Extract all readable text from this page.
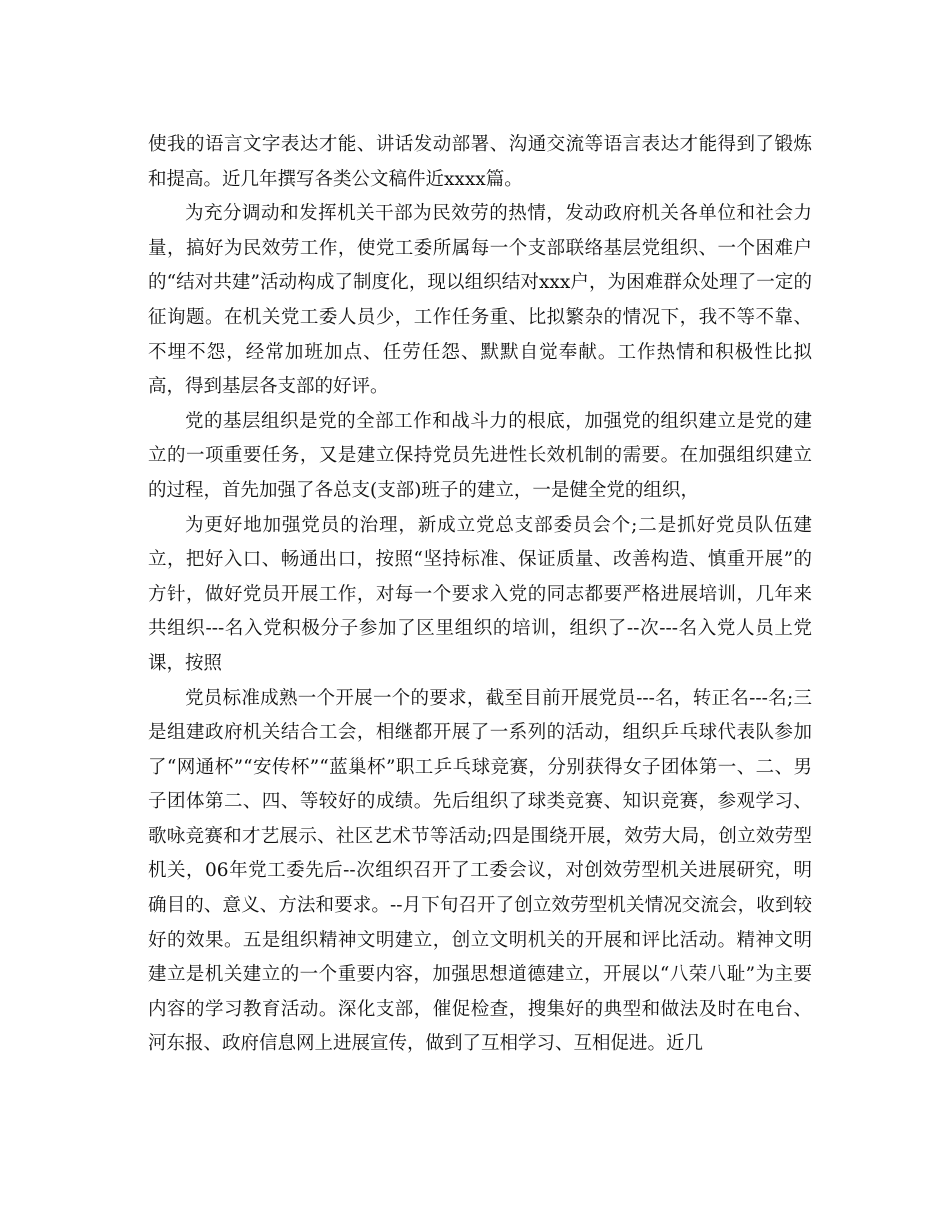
使我的语言文字表达才能、讲话发动部署、沟通交流等语言表达才能得到了锻炼和提高。近几年撰写各类公文稿件近xxxx篇。

为充分调动和发挥机关干部为民效劳的热情，发动政府机关各单位和社会力量，搞好为民效劳工作，使党工委所属每一个支部联络基层党组织、一个困难户的“结对共建”活动构成了制度化，现以组织结对xxx户，为困难群众处理了一定的征询题。在机关党工委人员少，工作任务重、比拟繁杂的情况下，我不等不靠、不埋不怨，经常加班加点、任劳任怨、默默自觉奉献。工作热情和积极性比拟高，得到基层各支部的好评。

党的基层组织是党的全部工作和战斗力的根底，加强党的组织建立是党的建立的一项重要任务，又是建立保持党员先进性长效机制的需要。在加强组织建立的过程，首先加强了各总支(支部)班子的建立，一是健全党的组织，

为更好地加强党员的治理，新成立党总支部委员会个;二是抓好党员队伍建立，把好入口、畅通出口，按照“坚持标准、保证质量、改善构造、慎重开展”的方针，做好党员开展工作，对每一个要求入党的同志都要严格进展培训，几年来共组织---名入党积极分子参加了区里组织的培训，组织了--次---名入党人员上党课，按照

党员标准成熟一个开展一个的要求，截至目前开展党员---名，转正名---名;三是组建政府机关结合工会，相继都开展了一系列的活动，组织乒乓球代表队参加了“网通杯”“安传杯”“蓝巢杯”职工乒乓球竞赛，分别获得女子团体第一、二、男子团体第二、四、等较好的成绩。先后组织了球类竞赛、知识竞赛，参观学习、歌咏竞赛和才艺展示、社区艺术节等活动;四是围绕开展，效劳大局，创立效劳型机关，06年党工委先后--次组织召开了工委会议，对创效劳型机关进展研究，明确目的、意义、方法和要求。--月下旬召开了创立效劳型机关情况交流会，收到较好的效果。五是组织精神文明建立，创立文明机关的开展和评比活动。精神文明建立是机关建立的一个重要内容，加强思想道德建立，开展以“八荣八耻”为主要内容的学习教育活动。深化支部，催促检查，搜集好的典型和做法及时在电台、河东报、政府信息网上进展宣传，做到了互相学习、互相促进。近几
